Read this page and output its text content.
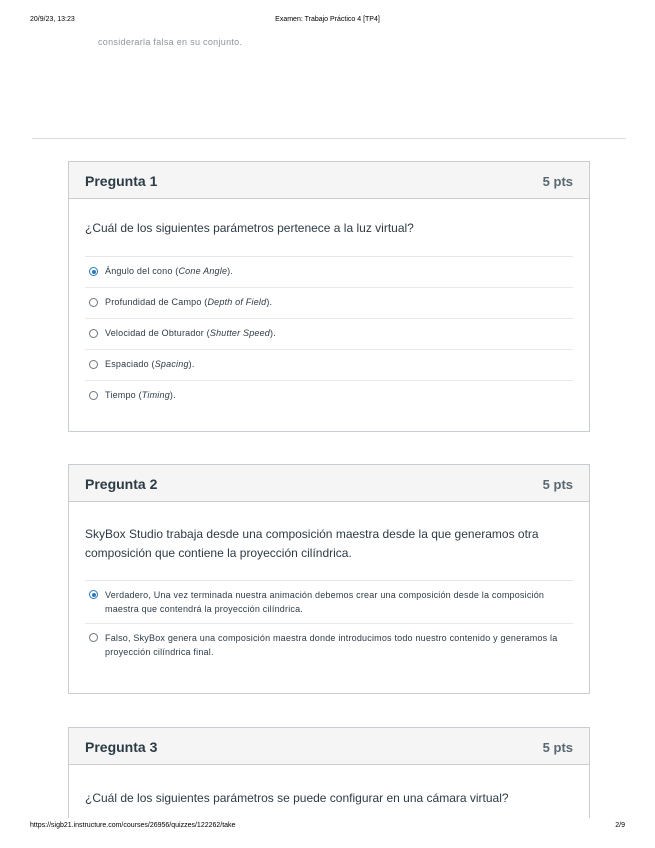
20/9/23, 13:23	Examen: Trabajo Práctico 4 [TP4]
considerarla falsa en su conjunto.
Pregunta 1	5 pts
¿Cuál de los siguientes parámetros pertenece a la luz virtual?
Ángulo del cono (Cone Angle).
Profundidad de Campo (Depth of Field).
Velocidad de Obturador (Shutter Speed).
Espaciado (Spacing).
Tiempo (Timing).
Pregunta 2	5 pts
SkyBox Studio trabaja desde una composición maestra desde la que generamos otra composición que contiene la proyección cilíndrica.
Verdadero, Una vez terminada nuestra animación debemos crear una composición desde la composición maestra que contendrá la proyección cilíndrica.
Falso, SkyBox genera una composición maestra donde introducimos todo nuestro contenido y generamos la proyección cilíndrica final.
Pregunta 3	5 pts
¿Cuál de los siguientes parámetros se puede configurar en una cámara virtual?
https://sigb21.instructure.com/courses/26956/quizzes/122262/take	2/9
